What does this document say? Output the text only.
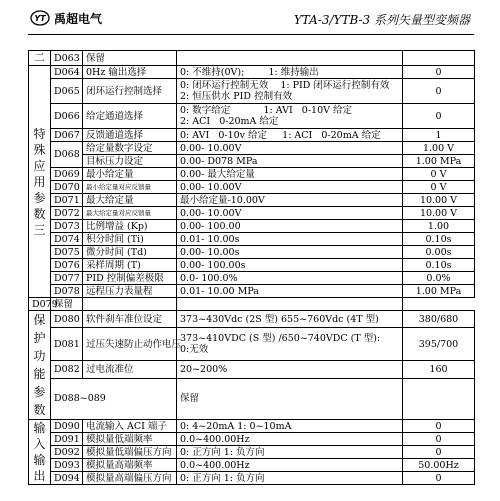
YT 禹超电气	YTA-3/YTB-3 系列矢量型变频器
二	D063	保留		
特殊应用参数三	D064	0Hz 输出选择	0: 不维持(0V);        1: 维持输出	0
	D065	闭环运行控制选择	0: 闭环运行控制无效    1: PID 闭环运行控制有效
2: 恒压供水 PID 控制有效	0
	D066	给定通道选择	0: 数字给定           1: AVI   0-10V 给定
2: ACI   0-20mA 给定	0
	D067	反馈通道选择	0: AVI   0-10v 给定     1: ACI   0-20mA 给定	1
	D068	给定量数字设定	0.00- 10.00V	1.00 V
		目标压力设定	0.00- D078 MPa	1.00 MPa
	D069	最小给定量	0.00- 最大给定量	0 V
	D070	最小给定量对应反馈量	0.00- 10.00V	0 V
	D071	最大给定量	最小给定量-10.00V	10.00 V
	D072	最大给定量对应反馈量	0.00- 10.00V	10.00 V
	D073	比例增益 (Kp)	0.00- 100.00	1.00
	D074	积分时间 (Ti)	0.01- 10.00s	0.10s
	D075	微分时间 (Td)	0.00- 10.00s	0.00s
	D076	采样周期 (T)	0.00- 100.00s	0.10s
	D077	PID 控制偏差极限	0.0- 100.0%	0.0%
	D078	远程压力表量程	0.01- 10.00 MPa	1.00 MPa
D079	保留			
保护功能参数	D080	软件刹车准位设定	373~430Vdc (2S 型) 655~760Vdc (4T 型)	380/680
	D081	过压失速防止动作电压	373~410VDC (S 型) /650~740VDC (T 型):
0:无效	395/700
	D082	过电流准位	20~200%	160
	D088~089		保留	
输入输出	D090	电流输入 ACI 端子	0: 4~20mA 1: 0~10mA	0
	D091	模拟量低端频率	0.0~400.00Hz	0
	D092	模拟量低端偏压方向	0: 正方向 1: 负方向	0
	D093	模拟量高端频率	0.0~400.00Hz	50.00Hz
	D094	模拟量高端偏压方向	0: 正方向 1: 负方向	0
